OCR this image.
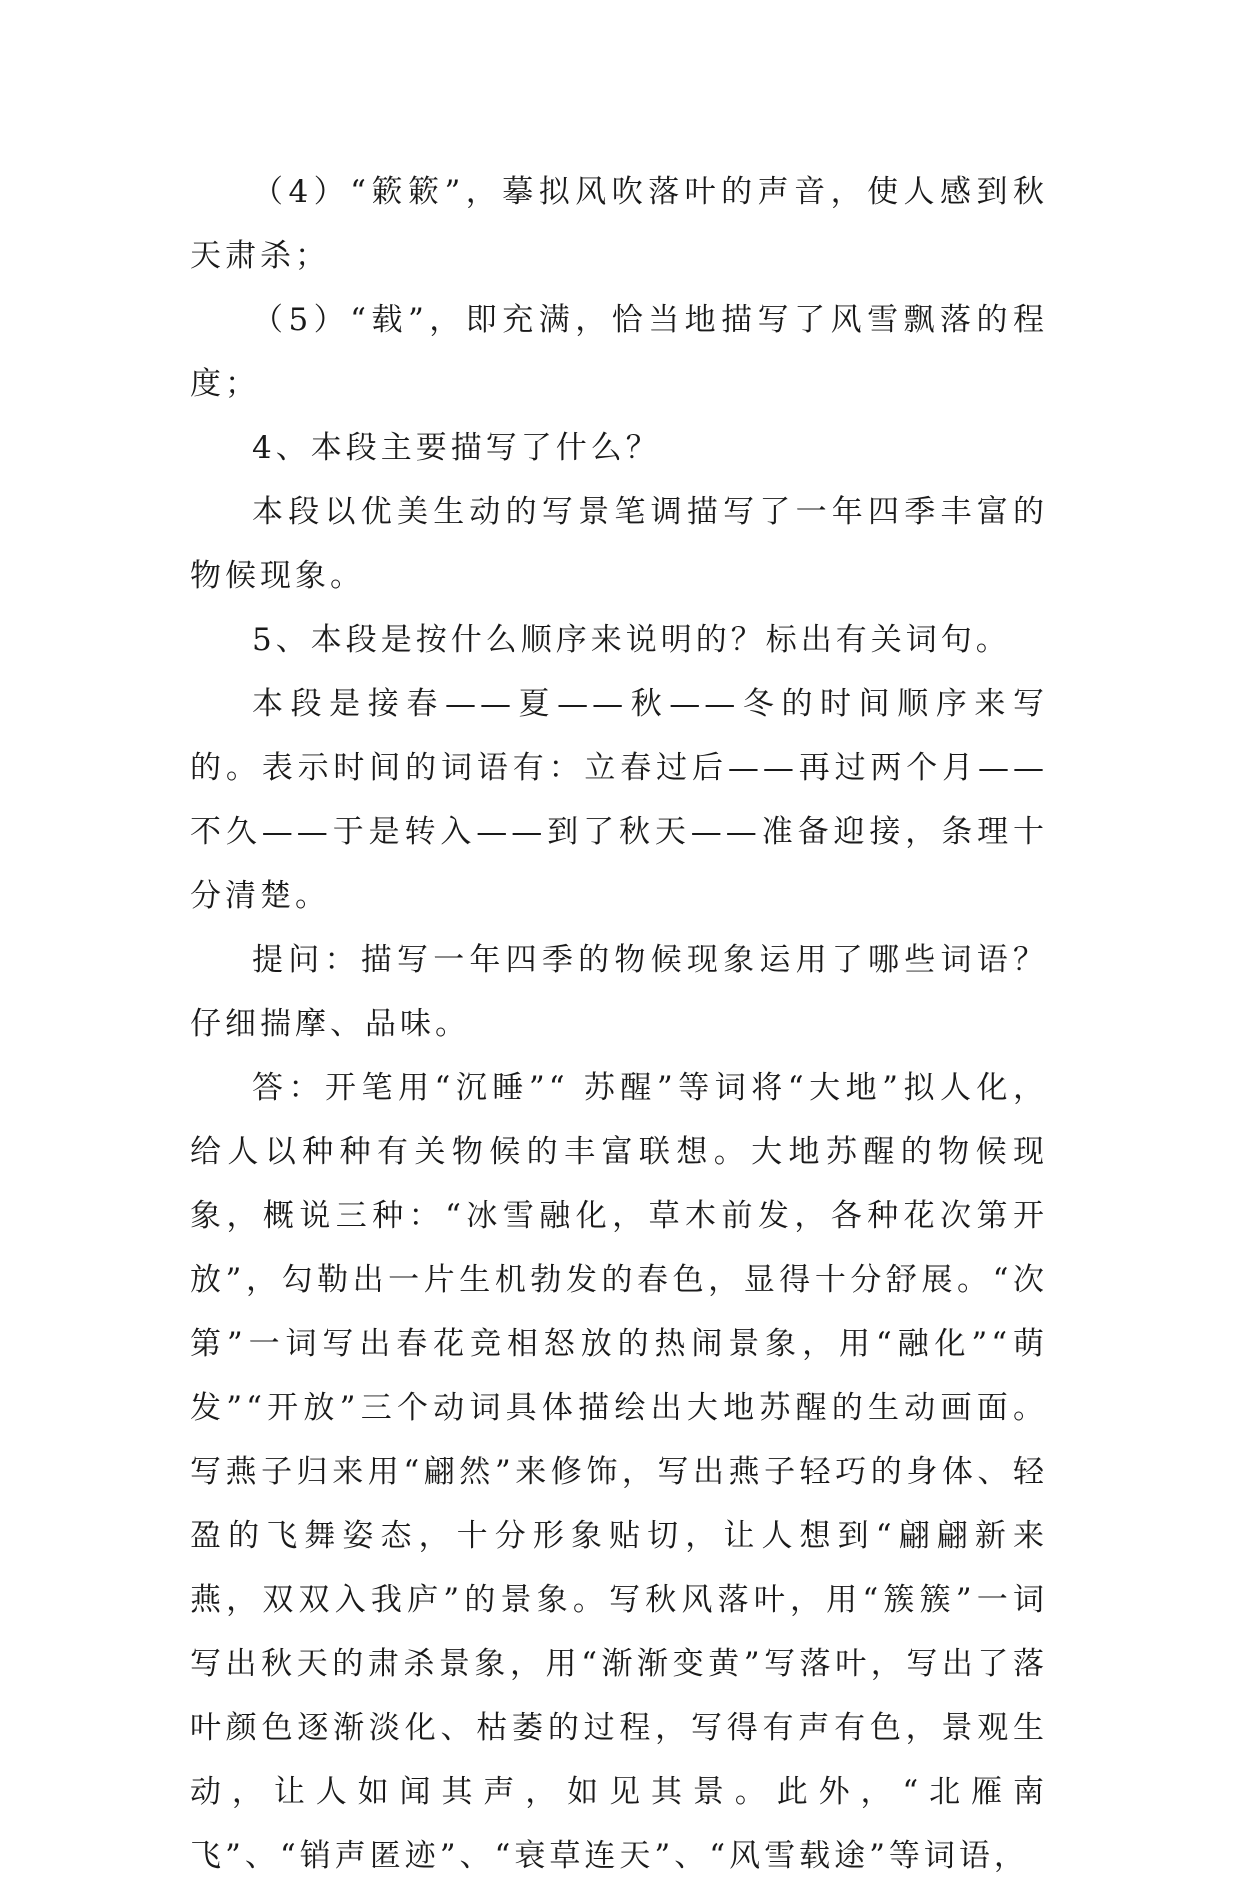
（4）“簌簌”，摹拟风吹落叶的声音，使人感到秋天肃杀；

（5）“载”，即充满，恰当地描写了风雪飘落的程度；

4、本段主要描写了什么？

本段以优美生动的写景笔调描写了一年四季丰富的物候现象。

5、本段是按什么顺序来说明的？标出有关词句。

本段是接春——夏——秋——冬的时间顺序来写的。表示时间的词语有：立春过后——再过两个月——不久——于是转入——到了秋天——准备迎接，条理十分清楚。

提问：描写一年四季的物候现象运用了哪些词语？仔细揣摩、品味。

答：开笔用“沉睡”“ 苏醒”等词将“大地”拟人化，给人以种种有关物候的丰富联想。大地苏醒的物候现象，概说三种：“冰雪融化，草木前发，各种花次第开放”，勾勒出一片生机勃发的春色，显得十分舒展。“次第”一词写出春花竞相怒放的热闹景象，用“融化”“萌发”“开放”三个动词具体描绘出大地苏醒的生动画面。写燕子归来用“翩然”来修饰，写出燕子轻巧的身体、轻盈的飞舞姿态，十分形象贴切，让人想到“翩翩新来燕，双双入我庐”的景象。写秋风落叶，用“簇簇”一词写出秋天的肃杀景象，用“渐渐变黄”写落叶，写出了落叶颜色逐渐淡化、枯萎的过程，写得有声有色，景观生动，让人如闻其声，如见其景。此外，“北雁南飞”、“销声匿迹”、“衰草连天”、“风雪载途”等词语，
